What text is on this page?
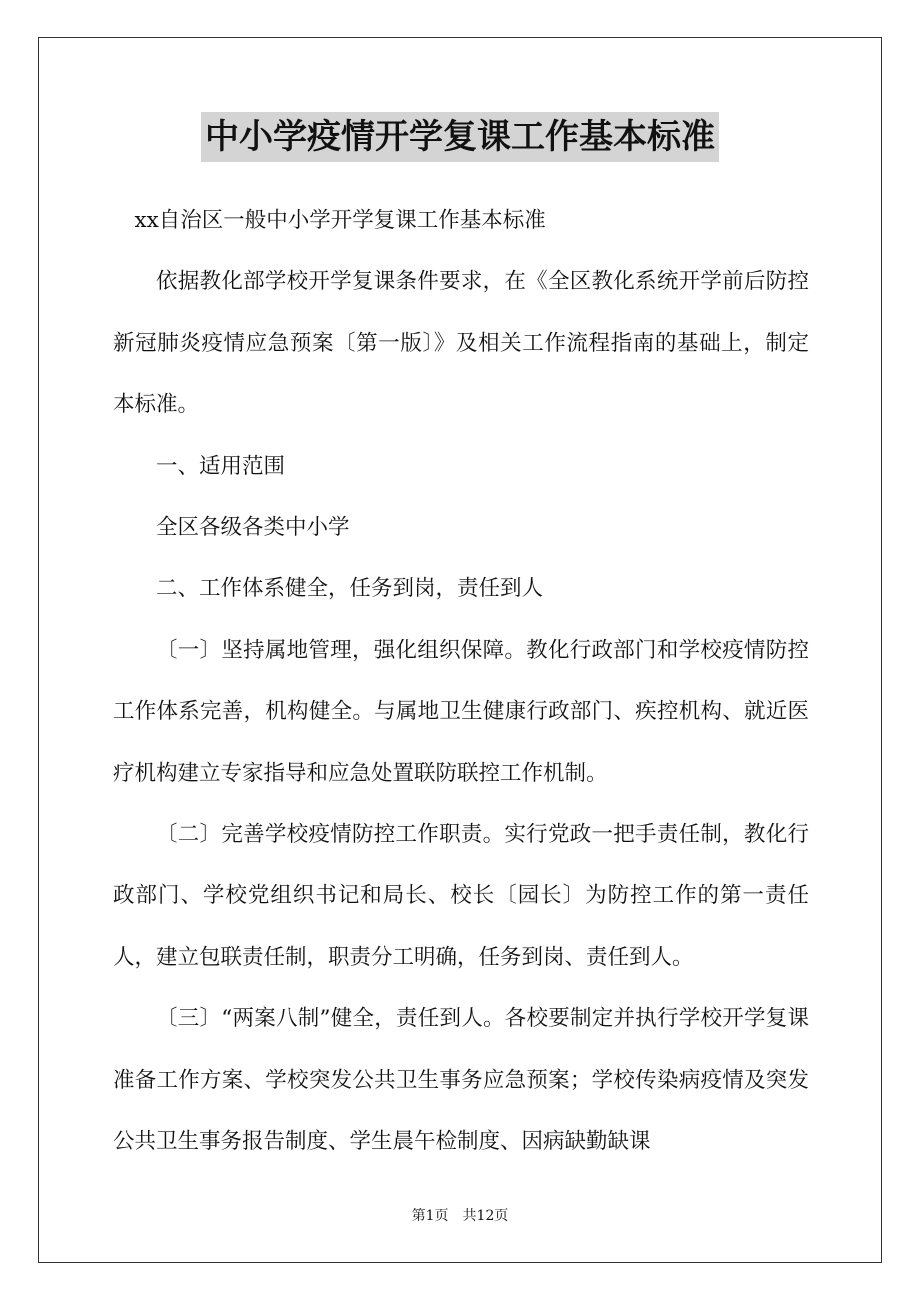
中小学疫情开学复课工作基本标准

xx自治区一般中小学开学复课工作基本标准

依据教化部学校开学复课条件要求，在《全区教化系统开学前后防控新冠肺炎疫情应急预案〔第一版〕》及相关工作流程指南的基础上，制定本标准。

一、适用范围

全区各级各类中小学

二、工作体系健全，任务到岗，责任到人

〔一〕坚持属地管理，强化组织保障。教化行政部门和学校疫情防控工作体系完善，机构健全。与属地卫生健康行政部门、疾控机构、就近医疗机构建立专家指导和应急处置联防联控工作机制。

〔二〕完善学校疫情防控工作职责。实行党政一把手责任制，教化行政部门、学校党组织书记和局长、校长〔园长〕为防控工作的第一责任人，建立包联责任制，职责分工明确，任务到岗、责任到人。

〔三〕“两案八制”健全，责任到人。各校要制定并执行学校开学复课准备工作方案、学校突发公共卫生事务应急预案；学校传染病疫情及突发公共卫生事务报告制度、学生晨午检制度、因病缺勤缺课

第1页　共12页
